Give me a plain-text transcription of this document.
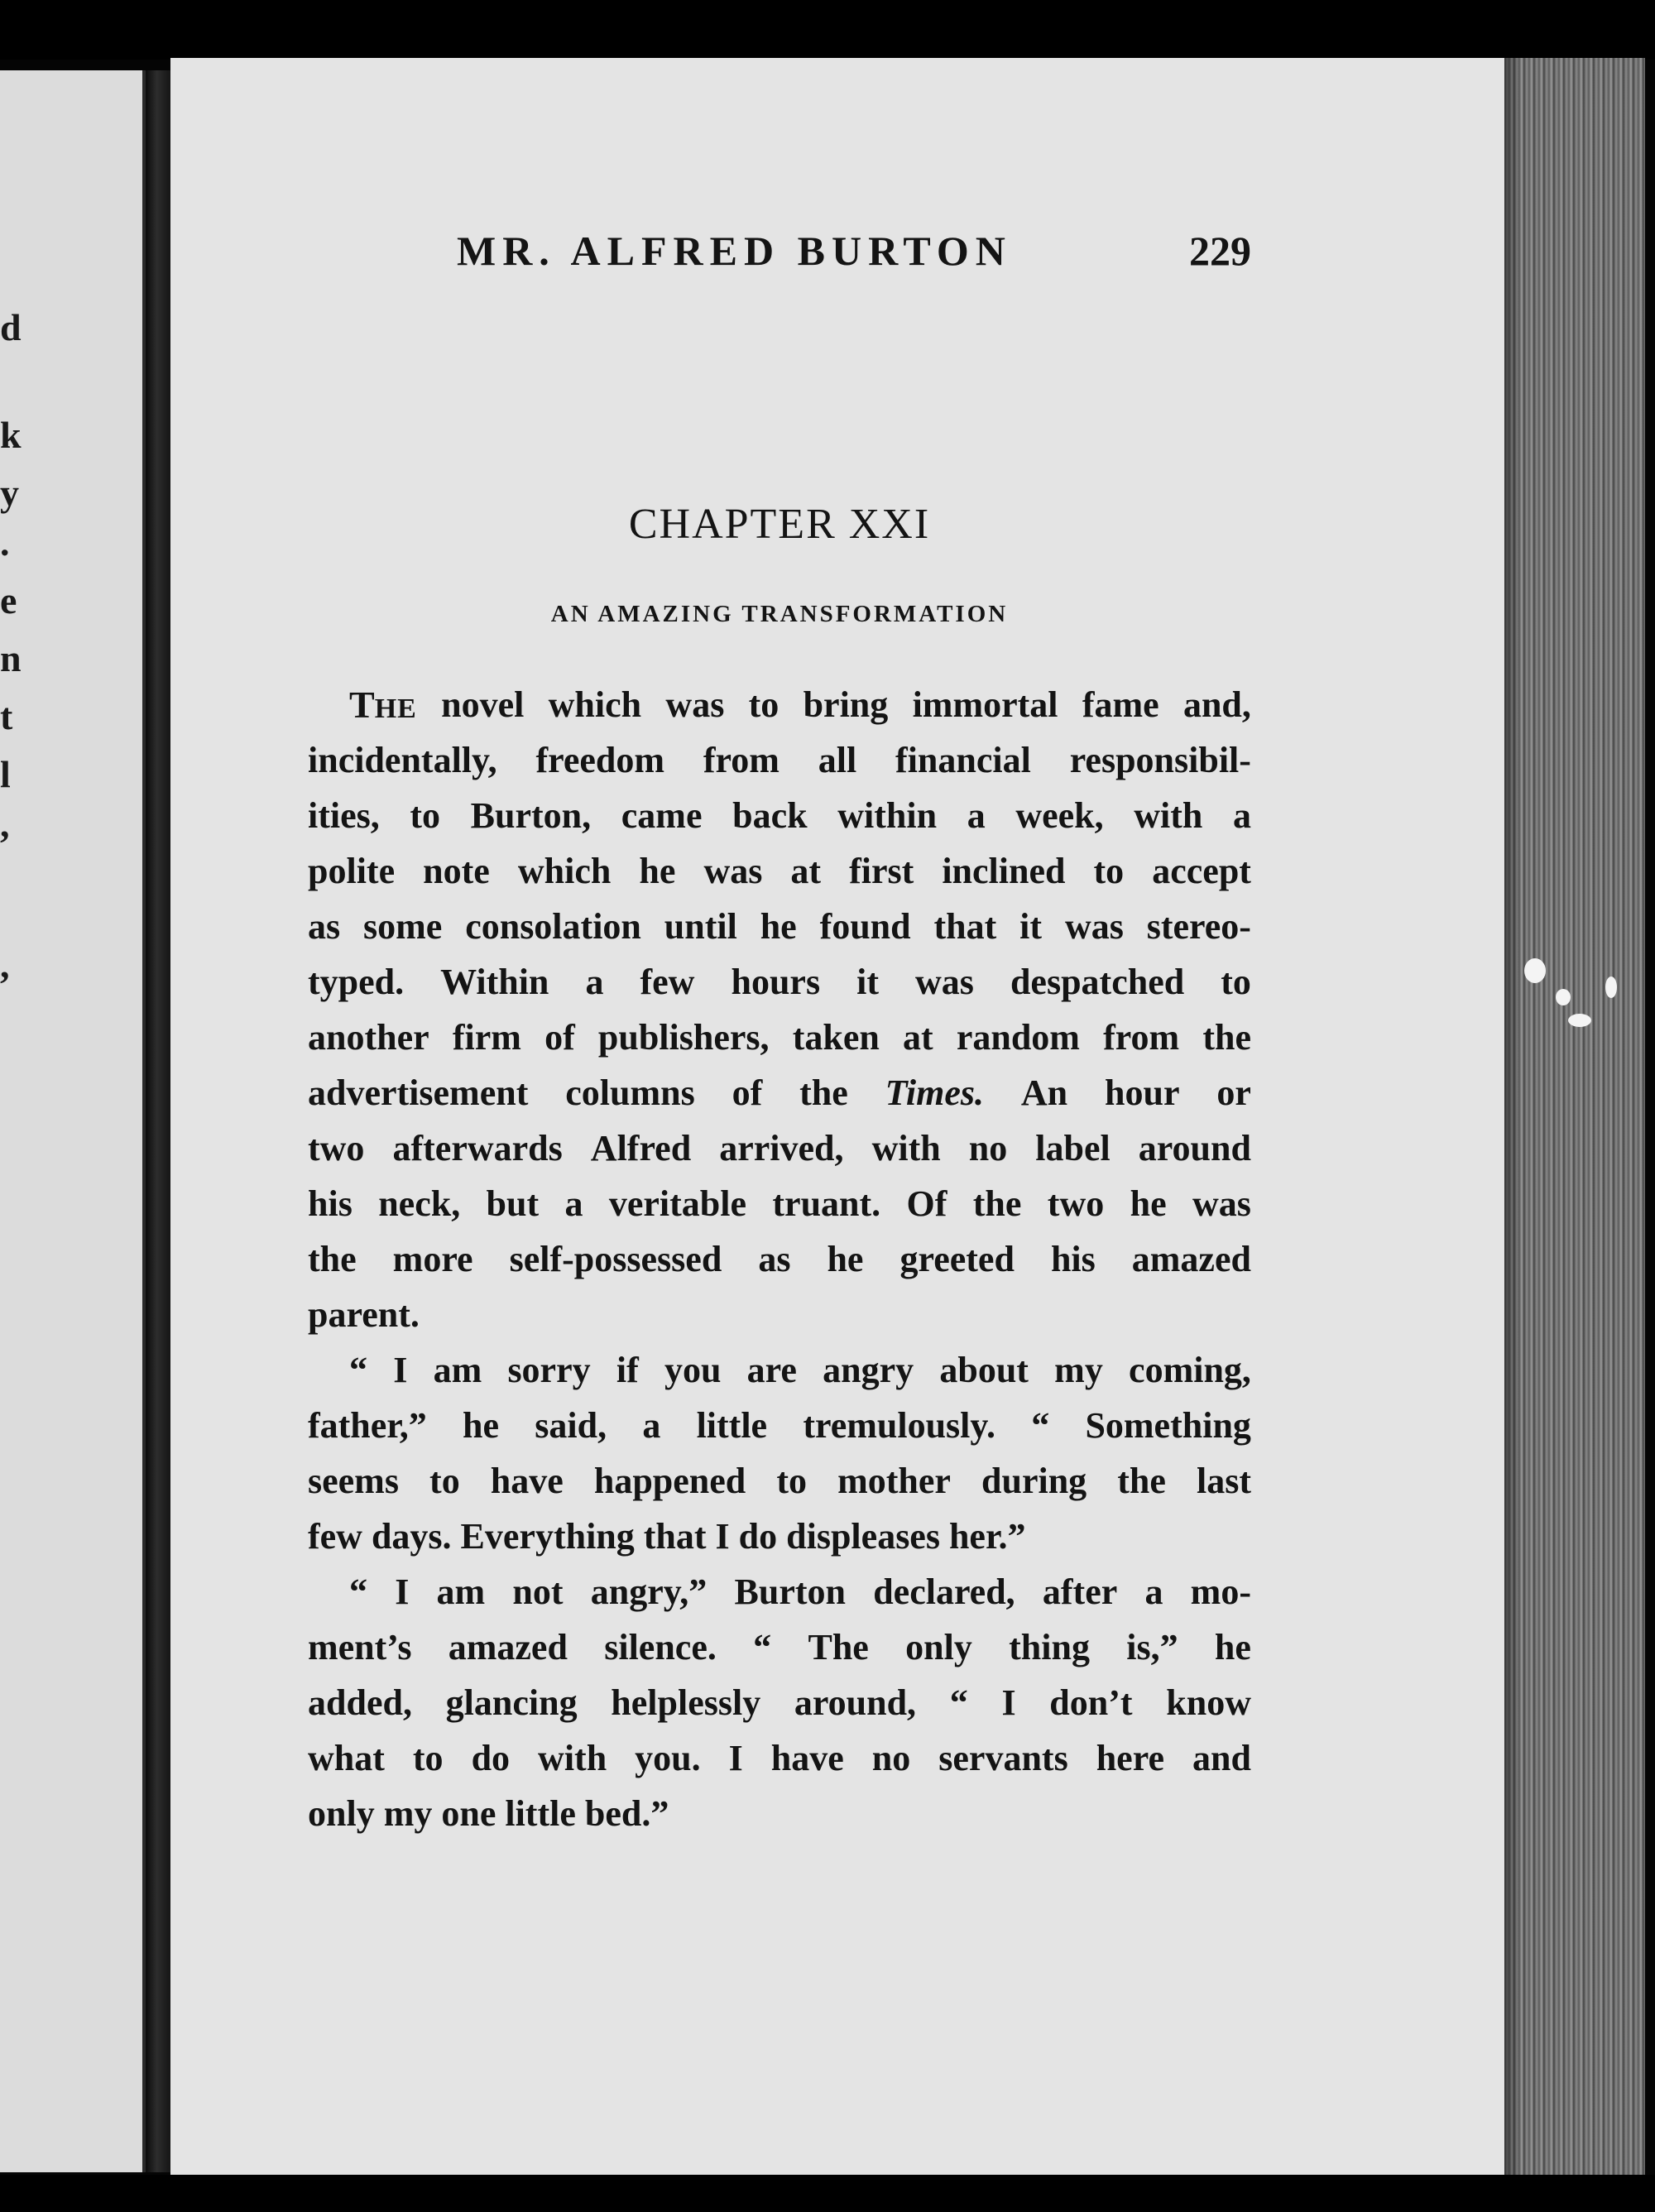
d
k
y
.
e
n
t
l
,
,
MR. ALFRED BURTON	229
CHAPTER XXI
AN AMAZING TRANSFORMATION
THE novel which was to bring immortal fame and,
incidentally, freedom from all financial responsibil-
ities, to Burton, came back within a week, with a
polite note which he was at first inclined to accept
as some consolation until he found that it was stereo-
typed. Within a few hours it was despatched to
another firm of publishers, taken at random from the
advertisement columns of the Times. An hour or
two afterwards Alfred arrived, with no label around
his neck, but a veritable truant. Of the two he was
the more self-possessed as he greeted his amazed
parent.
“ I am sorry if you are angry about my coming,
father,” he said, a little tremulously. “ Something
seems to have happened to mother during the last
few days. Everything that I do displeases her.”
“ I am not angry,” Burton declared, after a mo-
ment’s amazed silence. “ The only thing is,” he
added, glancing helplessly around, “ I don’t know
what to do with you. I have no servants here and
only my one little bed.”
